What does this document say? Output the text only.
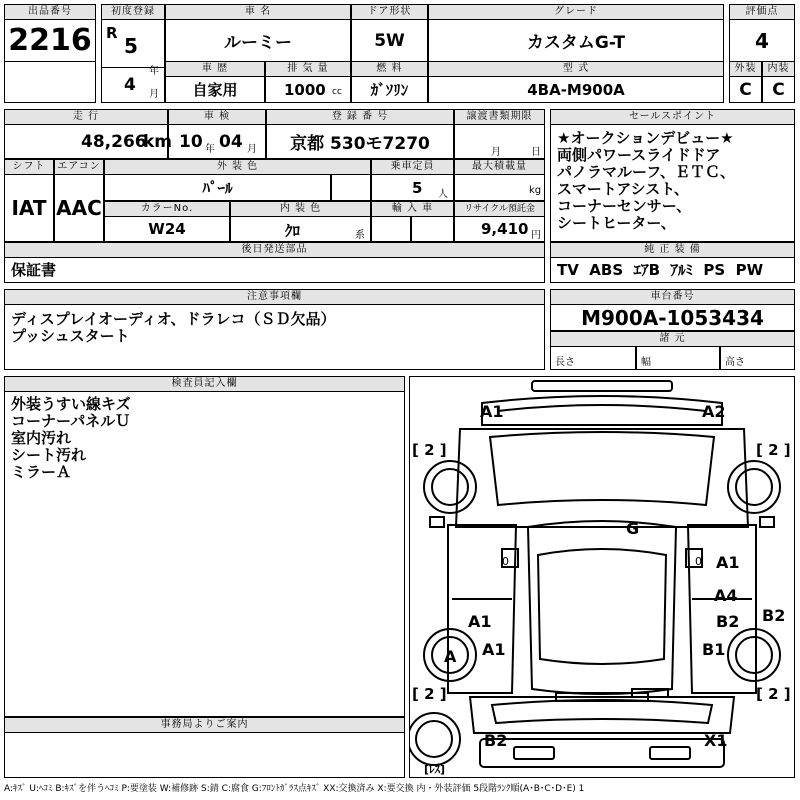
出品番号
2216
初度登録
R
5
年
4 月
車 名
ルーミー
ドア形状
5W
グレード
カスタムG-T
評価点
4
外装	内装
C	C
車 歴
自家用
排 気 量
1000 cc
燃 料
ｶﾞｿﾘﾝ
型 式
4BA-M900A
走 行
48,266
km
車 検
10 年 04 月
登 録 番 号
京都 530モ7270
譲渡書類期限
月	日
シフト
IAT
エアコン
AAC
外 装 色
ﾊﾟｰﾙ
乗車定員
5 人
最大積載量
kg
カラーNo.
W24
内 装 色
ｸﾛ	系
輸 入 車	リサイクル預託金
9,410 円
セールスポイント
★オークションデビュー★
両側パワースライドドア
パノラマルーフ、ＥＴＣ、
スマートアシスト、
コーナーセンサー、
シートヒーター、
後日発送部品
保証書
純 正 装 備
TV  ABS  ｴｱB  ｱﾙﾐ  PS  PW
注意事項欄
ディスプレイオーディオ、ドラレコ（ＳＤ欠品）
プッシュスタート
車台番号
M900A-1053434
諸 元
長さ	幅	高さ
検査員記入欄
外装うすい線キズ
コーナーパネルＵ
室内汚れ
シート汚れ
ミラーＡ
事務局よりご案内
0	0
A1	A2
G
A1
A4
B2 B2
A1
A1
A	B1
B2	X1
[ 2 ]	[ 2 ]
[ 2 ]	[ 2 ]
[ﾚｽ]
A:ｷｽﾞ U:ﾍｺﾐ B:ｷｽﾞを伴うﾍｺﾐ P:要塗装 W:補修跡 S:錆 C:腐食 G:ﾌﾛﾝﾄｶﾞﾗｽ点ｷｽﾞ XX:交換済み X:要交換 内・外装評価 5段階ﾗﾝｸ順(A･B･C･D･E) 1
